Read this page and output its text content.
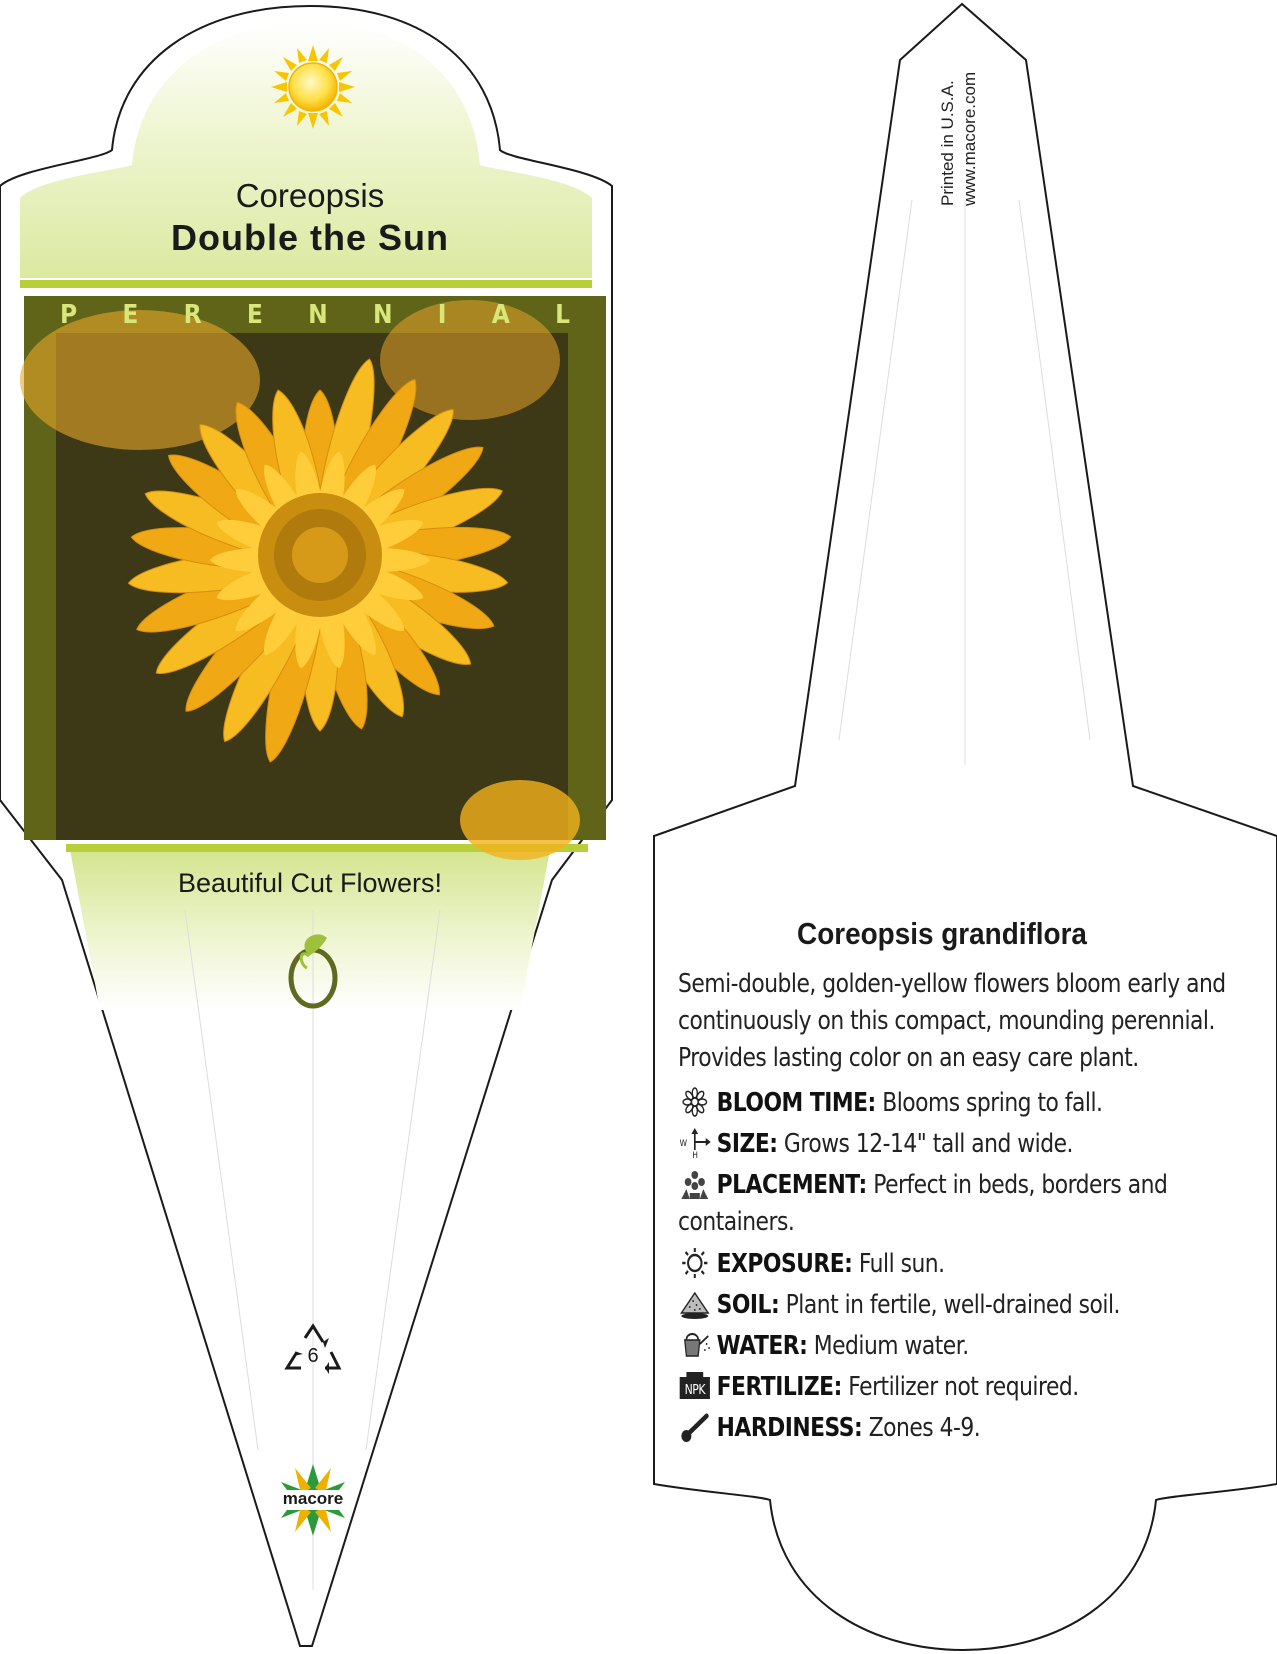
Coreopsis
Double the Sun
P E R E N N I A L
Beautiful Cut Flowers!
6
macore
Printed in U.S.A. www.macore.com
Coreopsis grandiflora
Semi-double, golden-yellow flowers bloom early and continuously on this compact, mounding perennial. Provides lasting color on an easy care plant.
BLOOM TIME: Blooms spring to fall.
W
H SIZE: Grows 12-14" tall and wide.
PLACEMENT: Perfect in beds, borders and containers.
EXPOSURE: Full sun.
SOIL: Plant in fertile, well-drained soil.
WATER: Medium water.
NPK FERTILIZE: Fertilizer not required.
HARDINESS: Zones 4-9.
